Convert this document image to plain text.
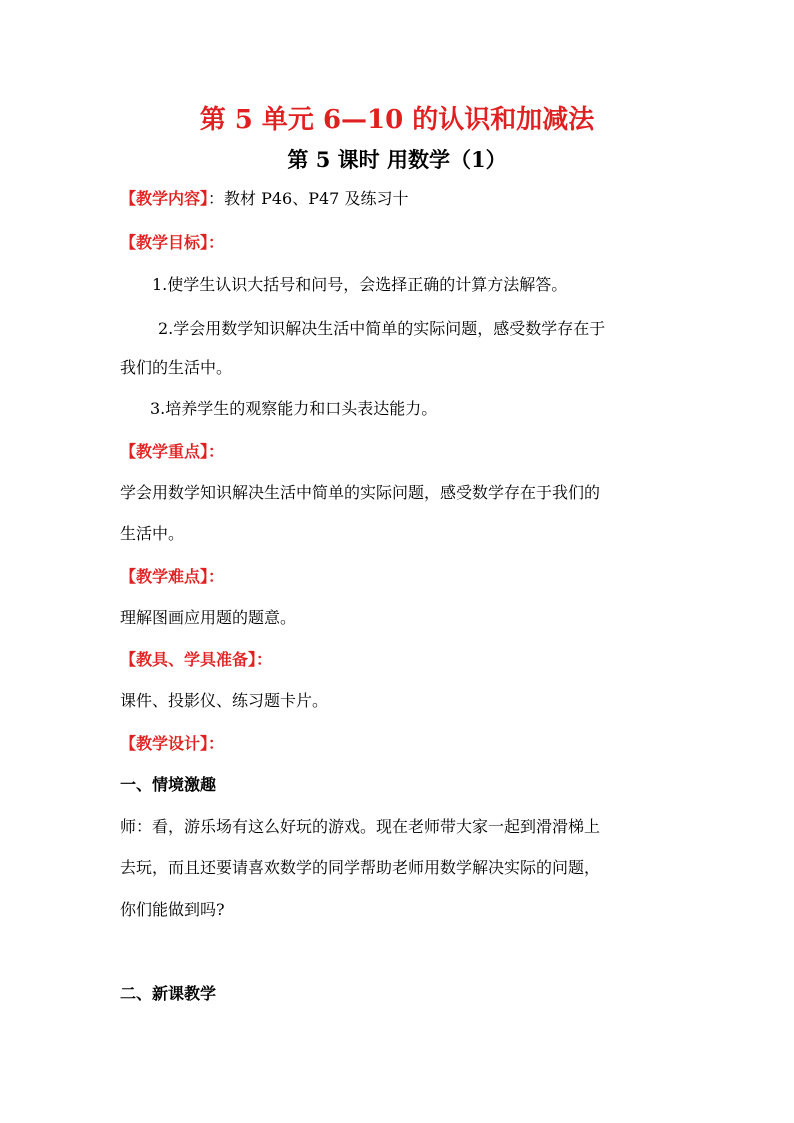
第 5 单元 6—10 的认识和加减法
第 5 课时 用数学（1）
【教学内容】：教材 P46、P47 及练习十
【教学目标】：
1.使学生认识大括号和问号，会选择正确的计算方法解答。
2.学会用数学知识解决生活中简单的实际问题，感受数学存在于
我们的生活中。
3.培养学生的观察能力和口头表达能力。
【教学重点】：
学会用数学知识解决生活中简单的实际问题，感受数学存在于我们的
生活中。
【教学难点】：
理解图画应用题的题意。
【教具、学具准备】：
课件、投影仪、练习题卡片。
【教学设计】：
一、情境激趣
师：看，游乐场有这么好玩的游戏。现在老师带大家一起到滑滑梯上
去玩，而且还要请喜欢数学的同学帮助老师用数学解决实际的问题，
你们能做到吗?
二、新课教学
